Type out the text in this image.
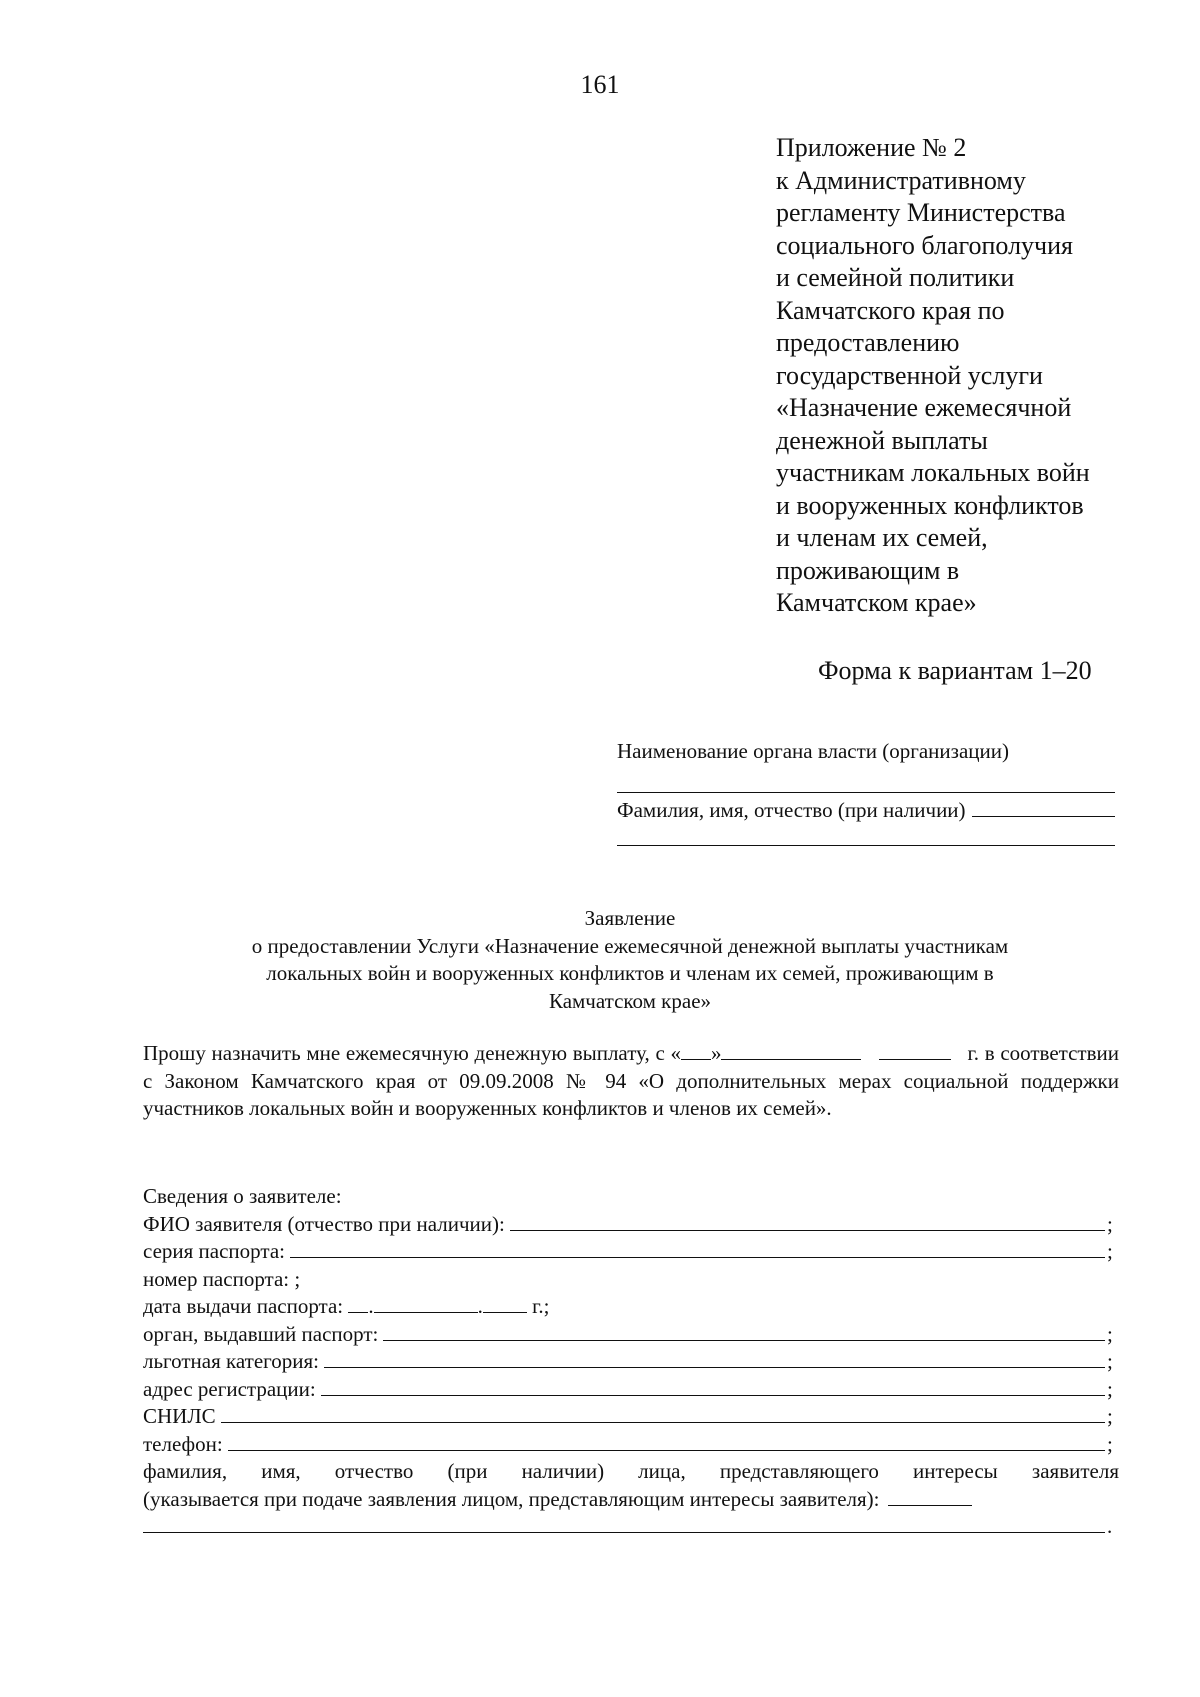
161
Приложение № 2
к Административному
регламенту Министерства
социального благополучия
и семейной политики
Камчатского края по
предоставлению
государственной услуги
«Назначение ежемесячной
денежной выплаты
участникам локальных войн
и вооруженных конфликтов
и членам их семей,
проживающим в
Камчатском крае»
Форма к вариантам 1–20
Наименование органа власти (организации)
Фамилия, имя, отчество (при наличии)
Заявление
о предоставлении Услуги «Назначение ежемесячной денежной выплаты участникам
локальных войн и вооруженных конфликтов и членам их семей, проживающим в
Камчатском крае»
Прошу назначить мне ежемесячную денежную выплату, с « »	г. в соответствии с Законом Камчатского края от 09.09.2008 № 94 «О дополнительных мерах социальной поддержки участников локальных войн и вооруженных конфликтов и членов их семей».
Сведения о заявителе:
ФИО заявителя (отчество при наличии):	;
серия паспорта:	;
номер паспорта: ;
дата выдачи паспорта:
.	.
г.;
орган, выдавший паспорт:	;
льготная категория:	;
адрес регистрации:	;
СНИЛС	;
телефон:	;
фамилия, имя, отчество (при наличии) лица, представляющего интересы заявителя
(указывается при подаче заявления лицом, представляющим интересы заявителя):
.
